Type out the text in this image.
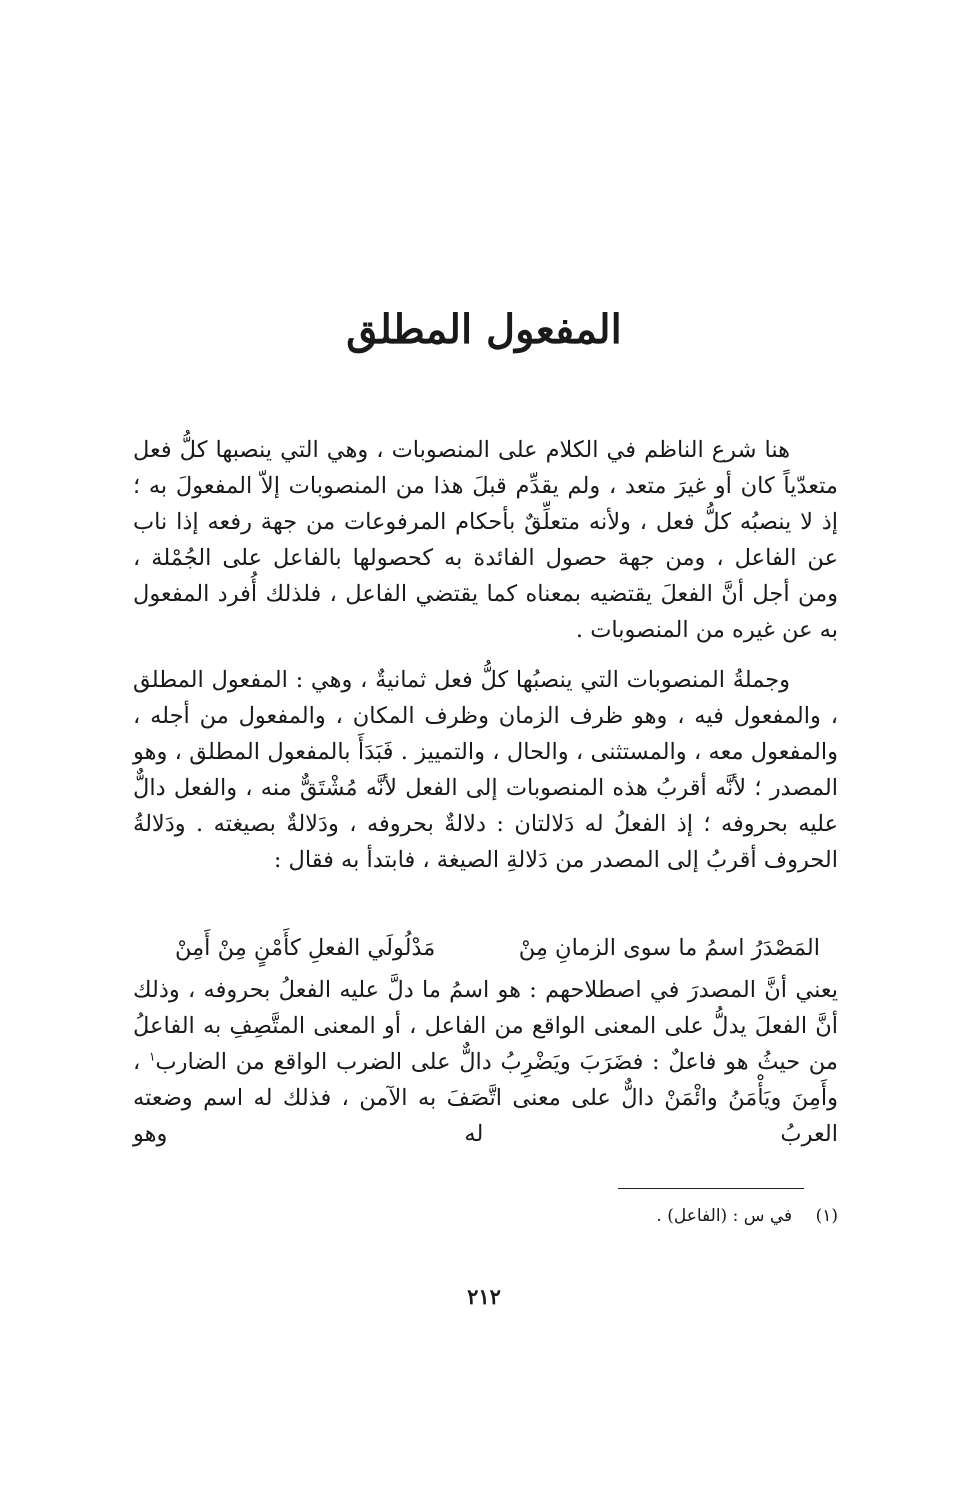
المفعول المطلق

هنا شرع الناظم في الكلام على المنصوبات ، وهي التي ينصبها كلُّ فعل متعدّياً كان أو غيرَ متعد ، ولم يقدِّم قبلَ هذا من المنصوبات إلاّ المفعولَ به ؛ إذ لا ينصبُه كلُّ فعل ، ولأنه متعلِّقٌ بأحكام المرفوعات من جهة رفعه إذا ناب عن الفاعل ، ومن جهة حصول الفائدة به كحصولها بالفاعل على الجُمْلة ، ومن أجل أنَّ الفعلَ يقتضيه بمعناه كما يقتضي الفاعل ، فلذلك أُفرد المفعول به عن غيره من المنصوبات .

وجملةُ المنصوبات التي ينصبُها كلُّ فعل ثمانيةٌ ، وهي : المفعول المطلق ، والمفعول فيه ، وهو ظرف الزمان وظرف المكان ، والمفعول من أجله ، والمفعول معه ، والمستثنى ، والحال ، والتمييز . فَبَدَأَ بالمفعول المطلق ، وهو المصدر ؛ لأنَّه أقربُ هذه المنصوبات إلى الفعل لأنَّه مُشْتَقٌّ منه ، والفعل دالٌّ عليه بحروفه ؛ إذ الفعلُ له دَلالتان : دلالةٌ بحروفه ، ودَلالةٌ بصيغته . ودَلالةُ الحروف أقربُ إلى المصدر من دَلالةِ الصيغة ، فابتدأ به فقال :

المَصْدَرُ اسمُ ما سوى الزمانِ مِنْ
مَدْلُولَي الفعلِ كأَمْنٍ مِنْ أَمِنْ

يعني أنَّ المصدرَ في اصطلاحهم : هو اسمُ ما دلَّ عليه الفعلُ بحروفه ، وذلك أنَّ الفعلَ يدلُّ على المعنى الواقع من الفاعل ، أو المعنى المتَّصِفِ به الفاعلُ من حيثُ هو فاعلٌ : فضَرَبَ ويَضْرِبُ دالٌّ على الضرب الواقع من الضارب$^١$ ، وأَمِنَ ويَأْمَنُ وائْمَنْ دالٌّ على معنى اتَّصَفَ به الآمن ، فذلك له اسم وضعته العربُ له وهو

(١) في س : (الفاعل) .
٢١٢
